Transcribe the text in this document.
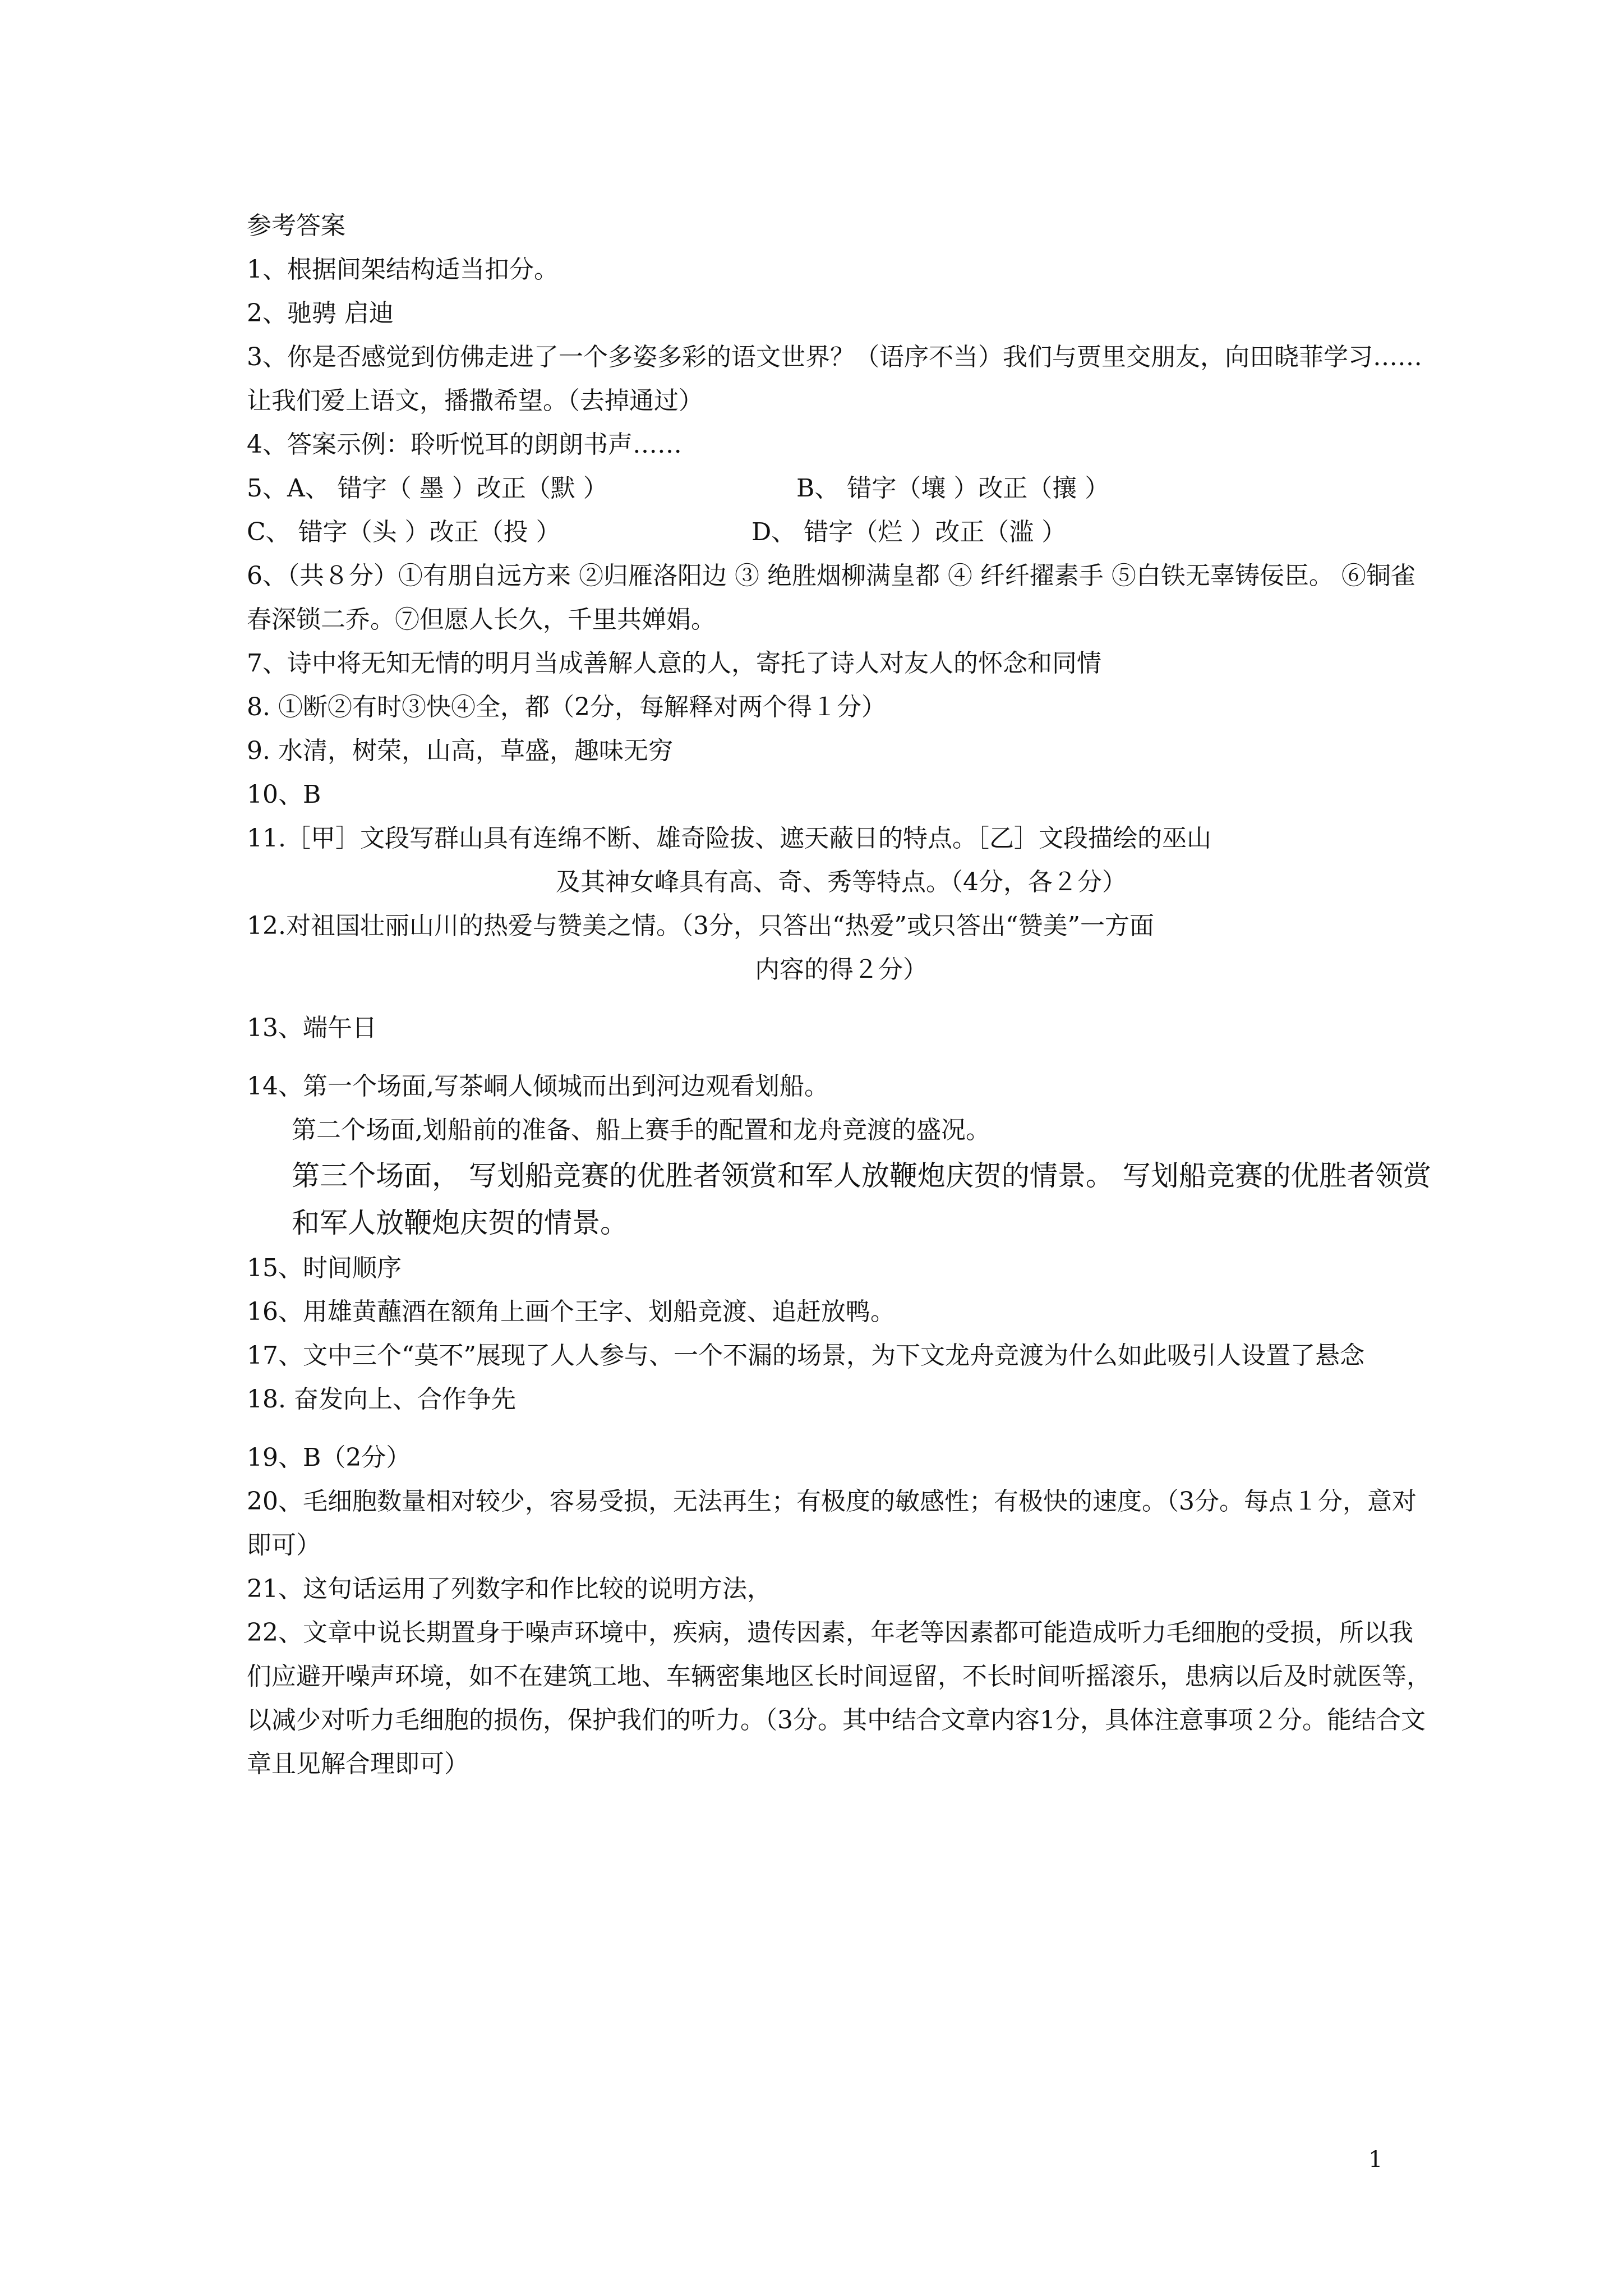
参考答案

1、根据间架结构适当扣分。

2、驰骋 启迪

3、你是否感觉到仿佛走进了一个多姿多彩的语文世界？（语序不当）我们与贾里交朋友，向田晓菲学习……让我们爱上语文，播撒希望。（去掉通过）

4、答案示例：聆听悦耳的朗朗书声……

5、A、 错字（ 墨 ）改正（默 ）	B、 错字（壤 ）改正（攘 ）
C、 错字（头 ）改正（投 ）	D、 错字（烂 ）改正（滥 ）

6、（共８分）①有朋自远方来 ②归雁洛阳边 ③ 绝胜烟柳满皇都 ④ 纤纤擢素手 ⑤白铁无辜铸佞臣。 ⑥铜雀春深锁二乔。⑦但愿人长久，千里共婵娟。

7、诗中将无知无情的明月当成善解人意的人，寄托了诗人对友人的怀念和同情

8. ①断②有时③快④全，都（2分，每解释对两个得１分）

9. 水清，树荣，山高，草盛，趣味无穷

10、B

11.［甲］文段写群山具有连绵不断、雄奇险拔、遮天蔽日的特点。［乙］文段描绘的巫山

及其神女峰具有高、奇、秀等特点。（4分，各２分）

12.对祖国壮丽山川的热爱与赞美之情。（3分，只答出“热爱”或只答出“赞美”一方面

内容的得２分）

13、端午日

14、第一个场面,写茶峒人倾城而出到河边观看划船。

第二个场面,划船前的准备、船上赛手的配置和龙舟竞渡的盛况。

第三个场面， 写划船竞赛的优胜者领赏和军人放鞭炮庆贺的情景。 写划船竞赛的优胜者领赏和军人放鞭炮庆贺的情景。

15、时间顺序

16、用雄黄蘸酒在额角上画个王字、划船竞渡、追赶放鸭。

17、文中三个“莫不”展现了人人参与、一个不漏的场景，为下文龙舟竞渡为什么如此吸引人设置了悬念

18. 奋发向上、合作争先

19、B（2分）

20、毛细胞数量相对较少，容易受损，无法再生；有极度的敏感性；有极快的速度。（3分。每点１分，意对即可）

21、这句话运用了列数字和作比较的说明方法，

22、文章中说长期置身于噪声环境中，疾病，遗传因素，年老等因素都可能造成听力毛细胞的受损，所以我们应避开噪声环境，如不在建筑工地、车辆密集地区长时间逗留，不长时间听摇滚乐，患病以后及时就医等，以减少对听力毛细胞的损伤，保护我们的听力。（3分。其中结合文章内容1分，具体注意事项２分。能结合文章且见解合理即可）

1
